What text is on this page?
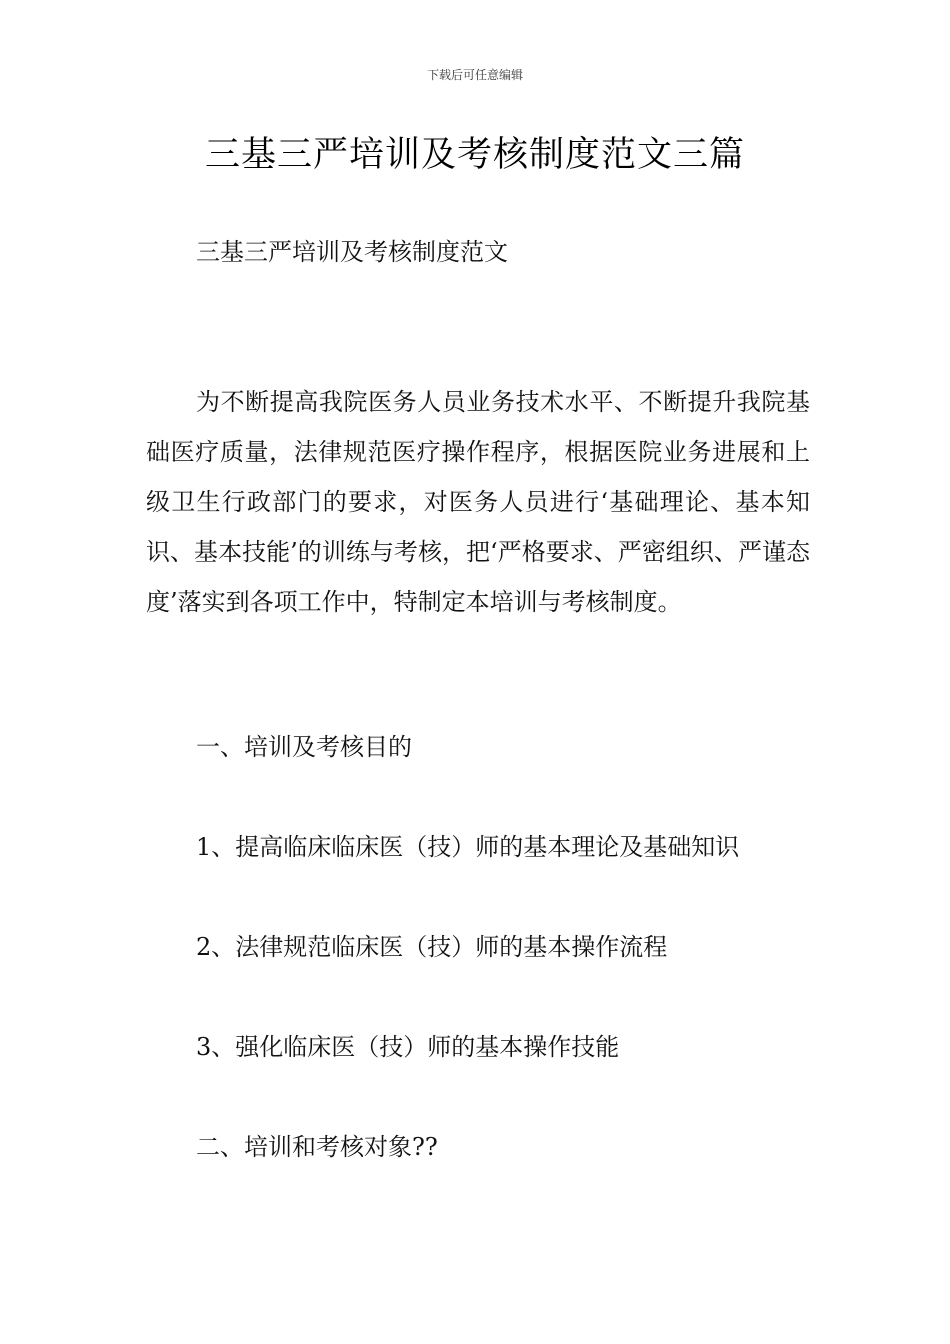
下载后可任意编辑
三基三严培训及考核制度范文三篇

三基三严培训及考核制度范文

为不断提高我院医务人员业务技术水平、不断提升我院基础医疗质量，法律规范医疗操作程序，根据医院业务进展和上级卫生行政部门的要求，对医务人员进行‘基础理论、基本知识、基本技能’的训练与考核，把‘严格要求、严密组织、严谨态度’落实到各项工作中，特制定本培训与考核制度。

一、培训及考核目的

1、提高临床临床医（技）师的基本理论及基础知识

2、法律规范临床医（技）师的基本操作流程

3、强化临床医（技）师的基本操作技能

二、培训和考核对象??
